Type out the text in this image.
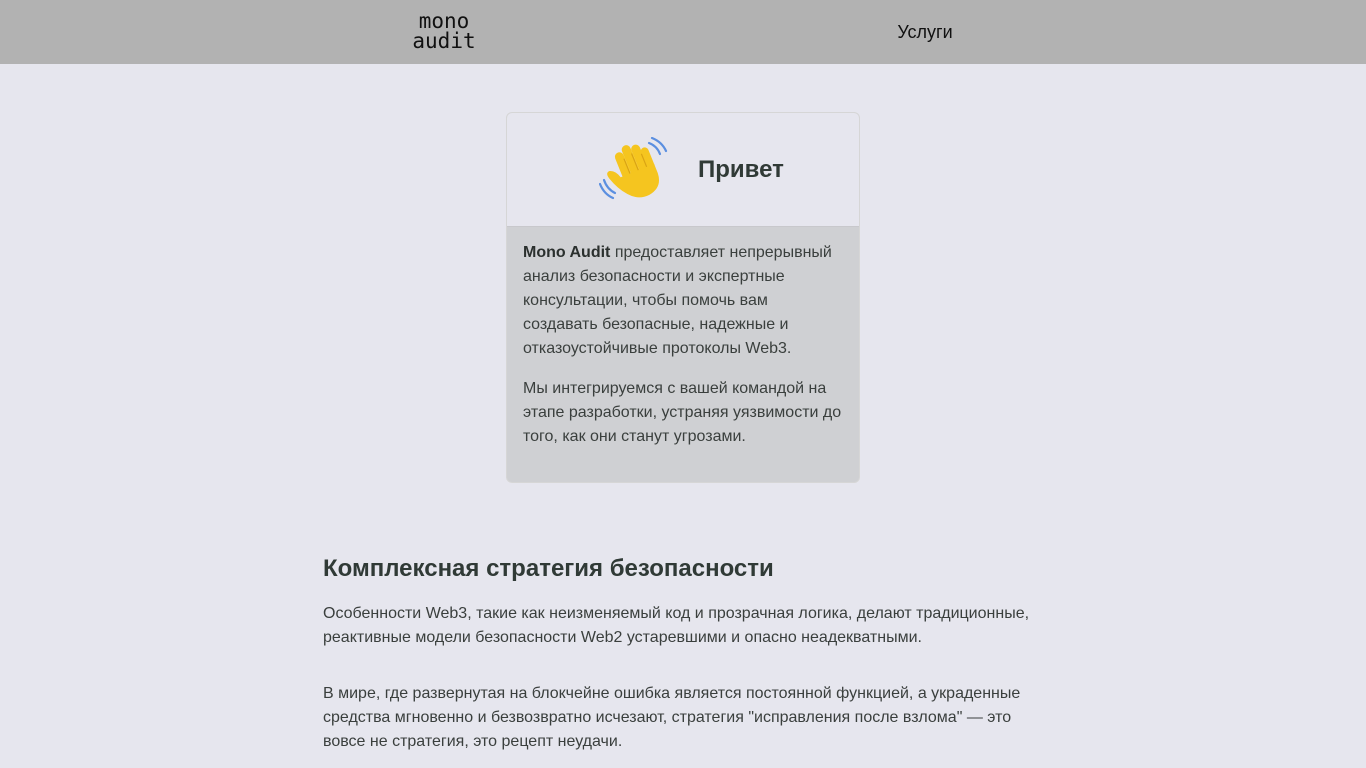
mono
audit	Услуги
Привет

Mono Audit предоставляет непрерывный анализ безопасности и экспертные консультации, чтобы помочь вам создавать безопасные, надежные и отказоустойчивые протоколы Web3.

Мы интегрируемся с вашей командой на этапе разработки, устраняя уязвимости до того, как они станут угрозами.

Комплексная стратегия безопасности

Особенности Web3, такие как неизменяемый код и прозрачная логика, делают традиционные, реактивные модели безопасности Web2 устаревшими и опасно неадекватными.

В мире, где развернутая на блокчейне ошибка является постоянной функцией, а украденные средства мгновенно и безвозвратно исчезают, стратегия "исправления после взлома" — это вовсе не стратегия, это рецепт неудачи.
